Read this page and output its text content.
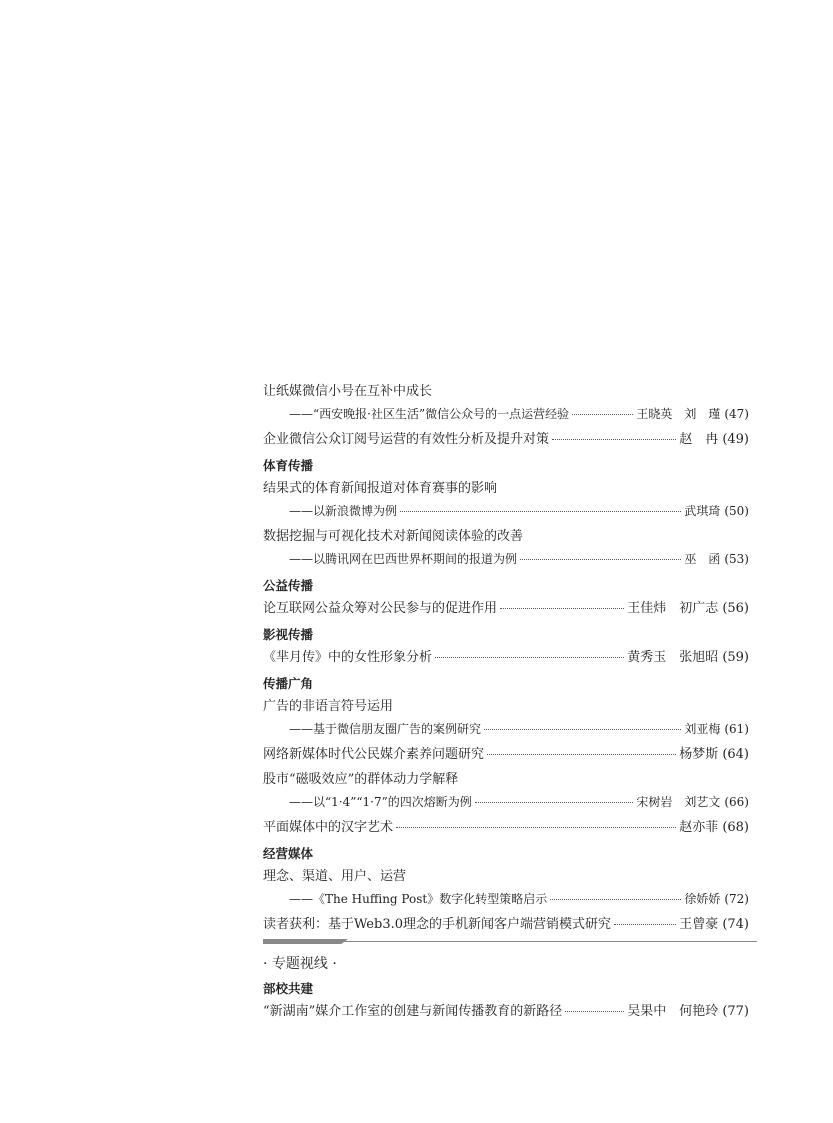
让纸媒微信小号在互补中成长
——“西安晚报·社区生活”微信公众号的一点运营经验	王晓英　刘　瑾 (47)
企业微信公众订阅号运营的有效性分析及提升对策	赵　冉 (49)
体育传播
结果式的体育新闻报道对体育赛事的影响
——以新浪微博为例	武琪琦 (50)
数据挖掘与可视化技术对新闻阅读体验的改善
——以腾讯网在巴西世界杯期间的报道为例	巫　函 (53)
公益传播
论互联网公益众筹对公民参与的促进作用	王佳炜　初广志 (56)
影视传播
《芈月传》中的女性形象分析	黄秀玉　张旭昭 (59)
传播广角
广告的非语言符号运用
——基于微信朋友圈广告的案例研究	刘亚梅 (61)
网络新媒体时代公民媒介素养问题研究	杨梦斯 (64)
股市“磁吸效应”的群体动力学解释
——以“1·4”“1·7”的四次熔断为例	宋树岩　刘艺文 (66)
平面媒体中的汉字艺术	赵亦菲 (68)
经营媒体
理念、渠道、用户、运营
——《The Huffing Post》数字化转型策略启示	徐娇娇 (72)
读者获利：基于Web3.0理念的手机新闻客户端营销模式研究	王曾豪 (74)
· 专题视线 ·
部校共建
“新湖南”媒介工作室的创建与新闻传播教育的新路径	吴果中　何艳玲 (77)
